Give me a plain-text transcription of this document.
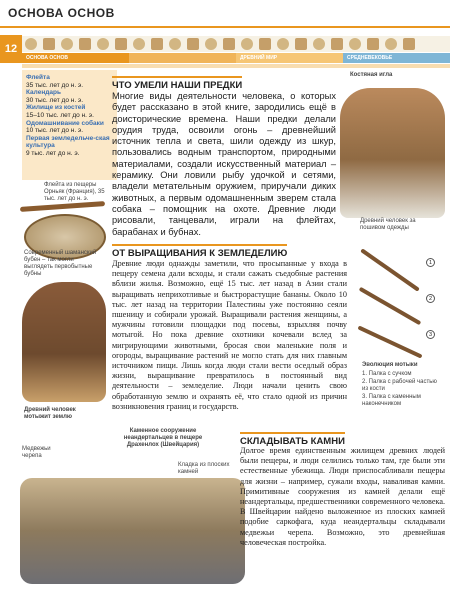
ОСНОВА ОСНОВ
12
ОСНОВА ОСНОВ	ДРЕВНИЙ МИР	СРЕДНЕВЕКОВЬЕ

Флейта

35 тыс. лет до н. э.

Календарь

30 тыс. лет до н. э.

Жилище из костей

15–10 тыс. лет до н. э.

Одомашнивание собаки

10 тыс. лет до н. э.

Первая земледельче-ская культура

9 тыс. лет до н. э.

Флейта из пещеры Орньяк (Франция), 35 тыс. лет до н. э.
Современный шаманский бубен – так могли выглядеть первобытные бубны
Древний человек мотыжит землю
Костяная игла
Древний человек за пошивом одежды
1
2
3
Эволюция мотыки
1. Палка с сучком
2. Палка с рабочей частью из кости
3. Палка с каменным наконечником
Каменное сооружение неандертальцев в пещере Драхенлох (Швейцария)
Медвежьи черепа
Кладка из плоских камней
ЧТО УМЕЛИ НАШИ ПРЕДКИ
Многие виды деятельности человека, о которых будет рассказано в этой книге, зародились ещё в доисторические времена. Наши предки делали орудия труда, освоили огонь – древнейший источник тепла и света, шили одежду из шкур, пользовались водным транспортом, природными материалами, создали искусственный материал – керамику. Они ловили рыбу удочкой и сетями, владели метательным оружием, приручали диких животных, а первым одомашненным зверем стала собака – помощник на охоте. Древние люди рисовали, танцевали, играли на флейтах, барабанах и бубнах.
ОТ ВЫРАЩИВАНИЯ К ЗЕМЛЕДЕЛИЮ
Древние люди однажды заметили, что просыпанные у входа в пещеру семена дали всходы, и стали сажать съедобные растения вблизи жилья. Возможно, ещё 15 тыс. лет назад в Азии стали выращивать неприхотливые и быстрорастущие бананы. Около 10 тыс. лет назад на территории Палестины уже постоянно сеяли пшеницу и собирали урожай. Выращивали растения женщины, а мужчины готовили площадки под посевы, взрыхляя почву мотыгой. Но пока древние охотники кочевали вслед за мигрирующими животными, бросая свои маленькие поля и огороды, выращивание растений не могло стать для них главным источником пищи. Лишь когда люди стали вести оседлый образ жизни, выращивание превратилось в постоянный вид деятельности – земледелие. Люди начали ценить свою обработанную землю и охранять её, что стало одной из причин возникновения границ и государств.
СКЛАДЫВАТЬ КАМНИ
Долгое время единственным жилищем древних людей были пещеры, и люди селились только там, где были эти естественные убежища. Люди приспосабливали пещеры для жизни – например, сужали входы, наваливая камни. Примитивные сооружения из камней делали ещё неандертальцы, предшественники современного человека. В Швейцарии найдено выложенное из плоских камней подобие саркофага, куда неандертальцы складывали медвежьи черепа. Возможно, это древнейшая человеческая постройка.
